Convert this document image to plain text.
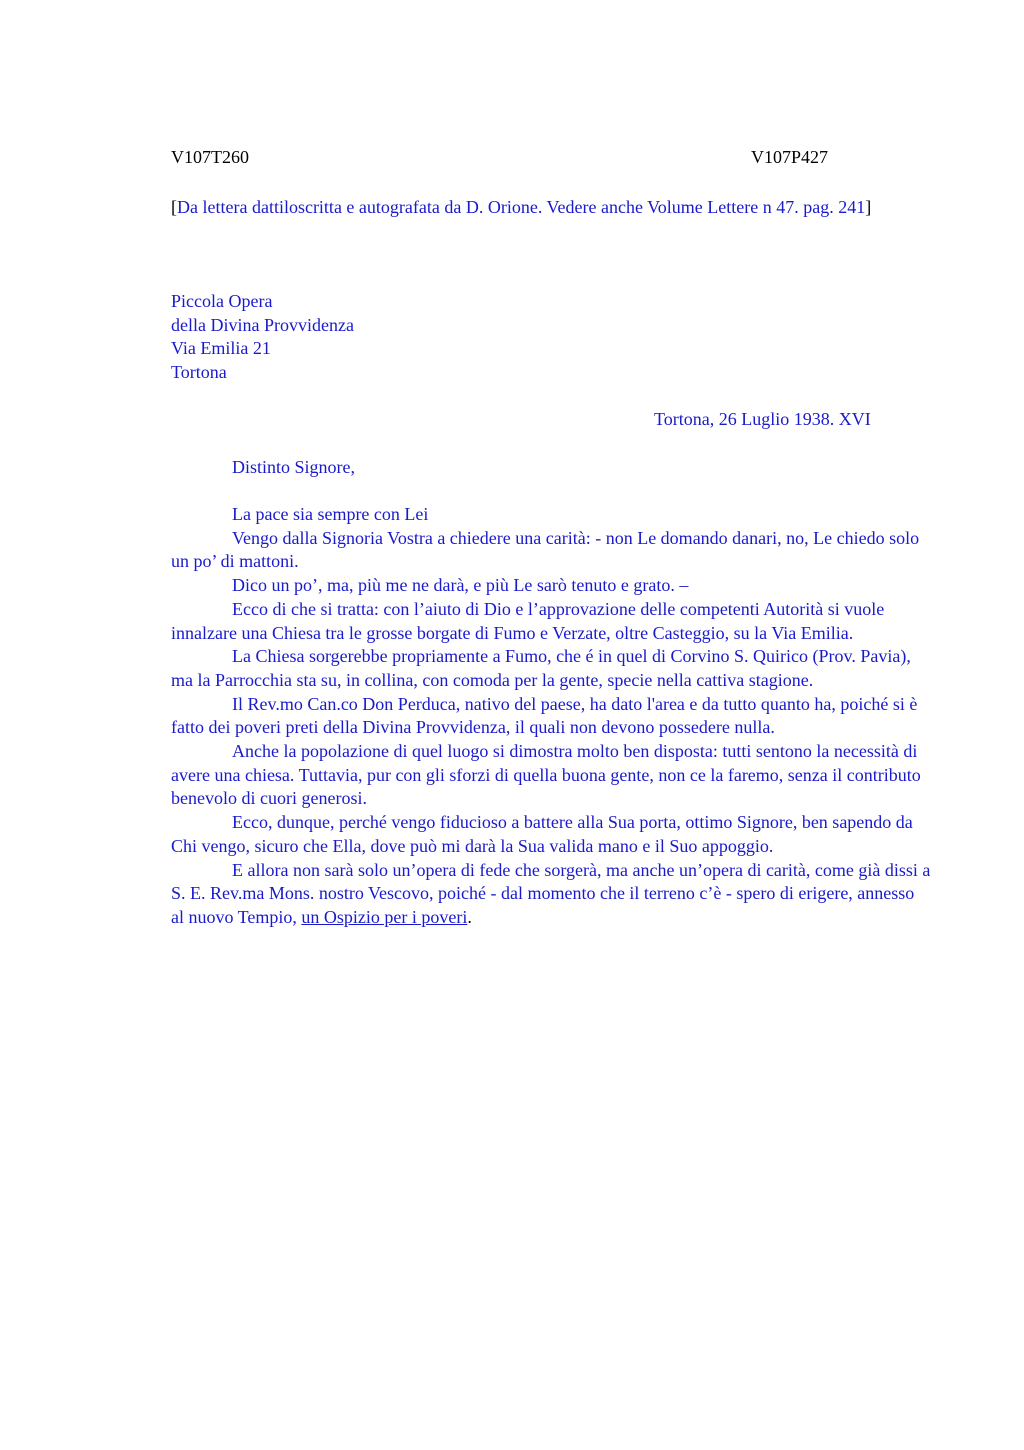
V107T260	V107P427
[Da lettera dattiloscritta e autografata da D. Orione. Vedere anche Volume Lettere n 47. pag. 241]
Piccola Opera
della Divina Provvidenza
Via Emilia 21
Tortona
Tortona, 26 Luglio 1938. XVI
Distinto Signore,

La pace sia sempre con Lei

Vengo dalla Signoria Vostra a chiedere una carità: - non Le domando danari, no, Le chiedo solo un po’ di mattoni.

Dico un po’, ma, più me ne darà, e più Le sarò tenuto e grato. –

Ecco di che si tratta: con l’aiuto di Dio e l’approvazione delle competenti Autorità si vuole innalzare una Chiesa tra le grosse borgate di Fumo e Verzate, oltre Casteggio, su la Via Emilia.

La Chiesa sorgerebbe propriamente a Fumo, che é in quel di Corvino S. Quirico (Prov. Pavia), ma la Parrocchia sta su, in collina, con comoda per la gente, specie nella cattiva stagione.

Il Rev.mo Can.co Don Perduca, nativo del paese, ha dato l'area e da tutto quanto ha, poiché si è fatto dei poveri preti della Divina Provvidenza, il quali non devono possedere nulla.

Anche la popolazione di quel luogo si dimostra molto ben disposta: tutti sentono la necessità di avere una chiesa. Tuttavia, pur con gli sforzi di quella buona gente, non ce la faremo, senza il contributo benevolo di cuori generosi.

Ecco, dunque, perché vengo fiducioso a battere alla Sua porta, ottimo Signore, ben sapendo da Chi vengo, sicuro che Ella, dove può mi darà la Sua valida mano e il Suo appoggio.

E allora non sarà solo un’opera di fede che sorgerà, ma anche un’opera di carità, come già dissi a S. E. Rev.ma Mons. nostro Vescovo, poiché - dal momento che il terreno c’è - spero di erigere, annesso al nuovo Tempio, un Ospizio per i poveri.
